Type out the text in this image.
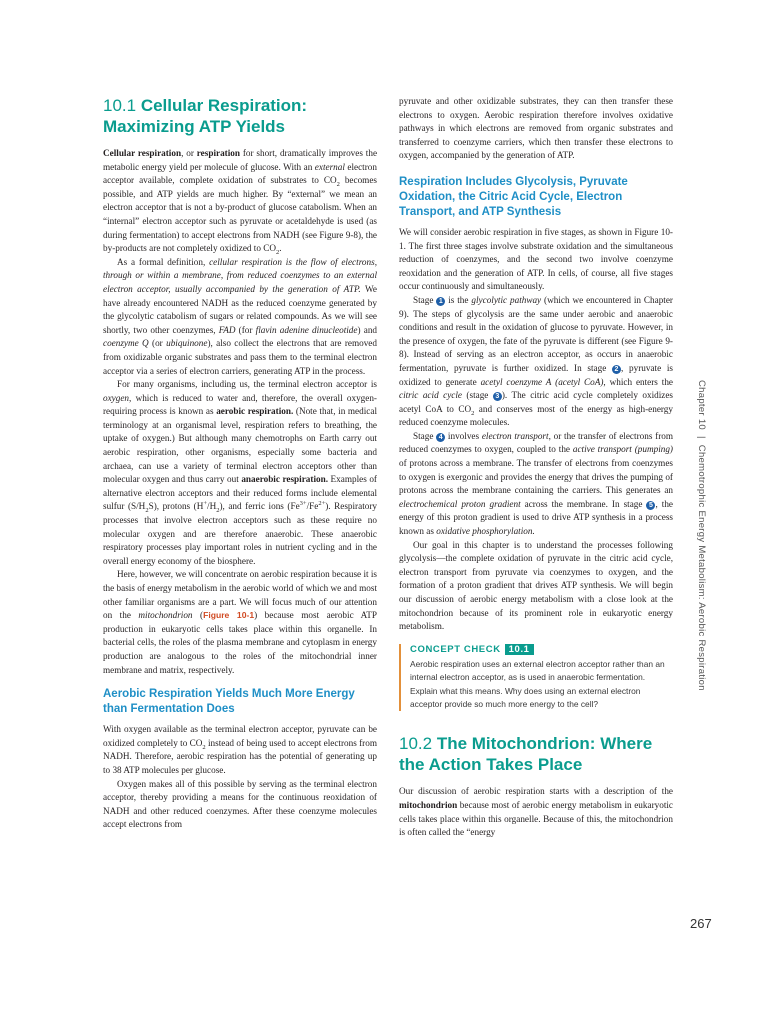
10.1 Cellular Respiration: Maximizing ATP Yields

Cellular respiration, or respiration for short, dramatically improves the metabolic energy yield per molecule of glucose. With an external electron acceptor available, complete oxidation of substrates to $CO_2$ becomes possible, and ATP yields are much higher. By “external” we mean an electron acceptor that is not a by-product of glucose catabolism. When an “internal” electron acceptor such as pyruvate or acetaldehyde is used (as during fermentation) to accept electrons from NADH (see Figure 9-8), the by-products are not completely oxidized to $CO_2$.

As a formal definition, cellular respiration is the flow of electrons, through or within a membrane, from reduced coenzymes to an external electron acceptor, usually accompanied by the generation of ATP. We have already encountered NADH as the reduced coenzyme generated by the glycolytic catabolism of sugars or related compounds. As we will see shortly, two other coenzymes, FAD (for flavin adenine dinucleotide) and coenzyme Q (or ubiquinone), also collect the electrons that are removed from oxidizable organic substrates and pass them to the terminal electron acceptor via a series of electron carriers, generating ATP in the process.

For many organisms, including us, the terminal electron acceptor is oxygen, which is reduced to water and, therefore, the overall oxygen-requiring process is known as aerobic respiration. (Note that, in medical terminology at an organismal level, respiration refers to breathing, the uptake of oxygen.) But although many chemotrophs on Earth carry out aerobic respiration, other organisms, especially some bacteria and archaea, can use a variety of terminal electron acceptors other than molecular oxygen and thus carry out anaerobic respiration. Examples of alternative electron acceptors and their reduced forms include elemental sulfur $(S/H_2S)$, protons $(H^+/H_2)$, and ferric ions $(Fe^{3+}/Fe^{2+})$. Respiratory processes that involve electron acceptors such as these require no molecular oxygen and are therefore anaerobic. These anaerobic respiratory processes play important roles in nutrient cycling and in the overall energy economy of the biosphere.

Here, however, we will concentrate on aerobic respiration because it is the basis of energy metabolism in the aerobic world of which we and most other familiar organisms are a part. We will focus much of our attention on the mitochondrion (Figure 10-1) because most aerobic ATP production in eukaryotic cells takes place within this organelle. In bacterial cells, the roles of the plasma membrane and cytoplasm in energy production are analogous to the roles of the mitochondrial inner membrane and matrix, respectively.

Aerobic Respiration Yields Much More Energy than Fermentation Does

With oxygen available as the terminal electron acceptor, pyruvate can be oxidized completely to $CO_2$ instead of being used to accept electrons from NADH. Therefore, aerobic respiration has the potential of generating up to 38 ATP molecules per glucose.

Oxygen makes all of this possible by serving as the terminal electron acceptor, thereby providing a means for the continuous reoxidation of NADH and other reduced coenzymes. After these coenzyme molecules accept electrons from

pyruvate and other oxidizable substrates, they can then transfer these electrons to oxygen. Aerobic respiration therefore involves oxidative pathways in which electrons are removed from organic substrates and transferred to coenzyme carriers, which then transfer these electrons to oxygen, accompanied by the generation of ATP.

Respiration Includes Glycolysis, Pyruvate Oxidation, the Citric Acid Cycle, Electron Transport, and ATP Synthesis

We will consider aerobic respiration in five stages, as shown in Figure 10-1. The first three stages involve substrate oxidation and the simultaneous reduction of coenzymes, and the second two involve coenzyme reoxidation and the generation of ATP. In cells, of course, all five stages occur continuously and simultaneously.

Stage 1 is the glycolytic pathway (which we encountered in Chapter 9). The steps of glycolysis are the same under aerobic and anaerobic conditions and result in the oxidation of glucose to pyruvate. However, in the presence of oxygen, the fate of the pyruvate is different (see Figure 9-8). Instead of serving as an electron acceptor, as occurs in anaerobic fermentation, pyruvate is further oxidized. In stage 2 , pyruvate is oxidized to generate acetyl coenzyme A (acetyl CoA), which enters the citric acid cycle (stage 3 ). The citric acid cycle completely oxidizes acetyl CoA to $CO_2$ and conserves most of the energy as high-energy reduced coenzyme molecules.

Stage 4 involves electron transport, or the transfer of electrons from reduced coenzymes to oxygen, coupled to the active transport (pumping) of protons across a membrane. The transfer of electrons from coenzymes to oxygen is exergonic and provides the energy that drives the pumping of protons across the membrane containing the carriers. This generates an electrochemical proton gradient across the membrane. In stage 5 , the energy of this proton gradient is used to drive ATP synthesis in a process known as oxidative phosphorylation.

Our goal in this chapter is to understand the processes following glycolysis—the complete oxidation of pyruvate in the citric acid cycle, electron transport from pyruvate via coenzymes to oxygen, and the formation of a proton gradient that drives ATP synthesis. We will begin our discussion of aerobic energy metabolism with a close look at the mitochondrion because of its prominent role in eukaryotic energy metabolism.

CONCEPT CHECK 10.1
Aerobic respiration uses an external electron acceptor rather than an internal electron acceptor, as is used in anaerobic fermentation. Explain what this means. Why does using an external electron acceptor provide so much more energy to the cell?
10.2 The Mitochondrion: Where the Action Takes Place

Our discussion of aerobic respiration starts with a description of the mitochondrion because most of aerobic energy metabolism in eukaryotic cells takes place within this organelle. Because of this, the mitochondrion is often called the “energy

Chapter 10|Chemotrophic Energy Metabolism: Aerobic Respiration
267
